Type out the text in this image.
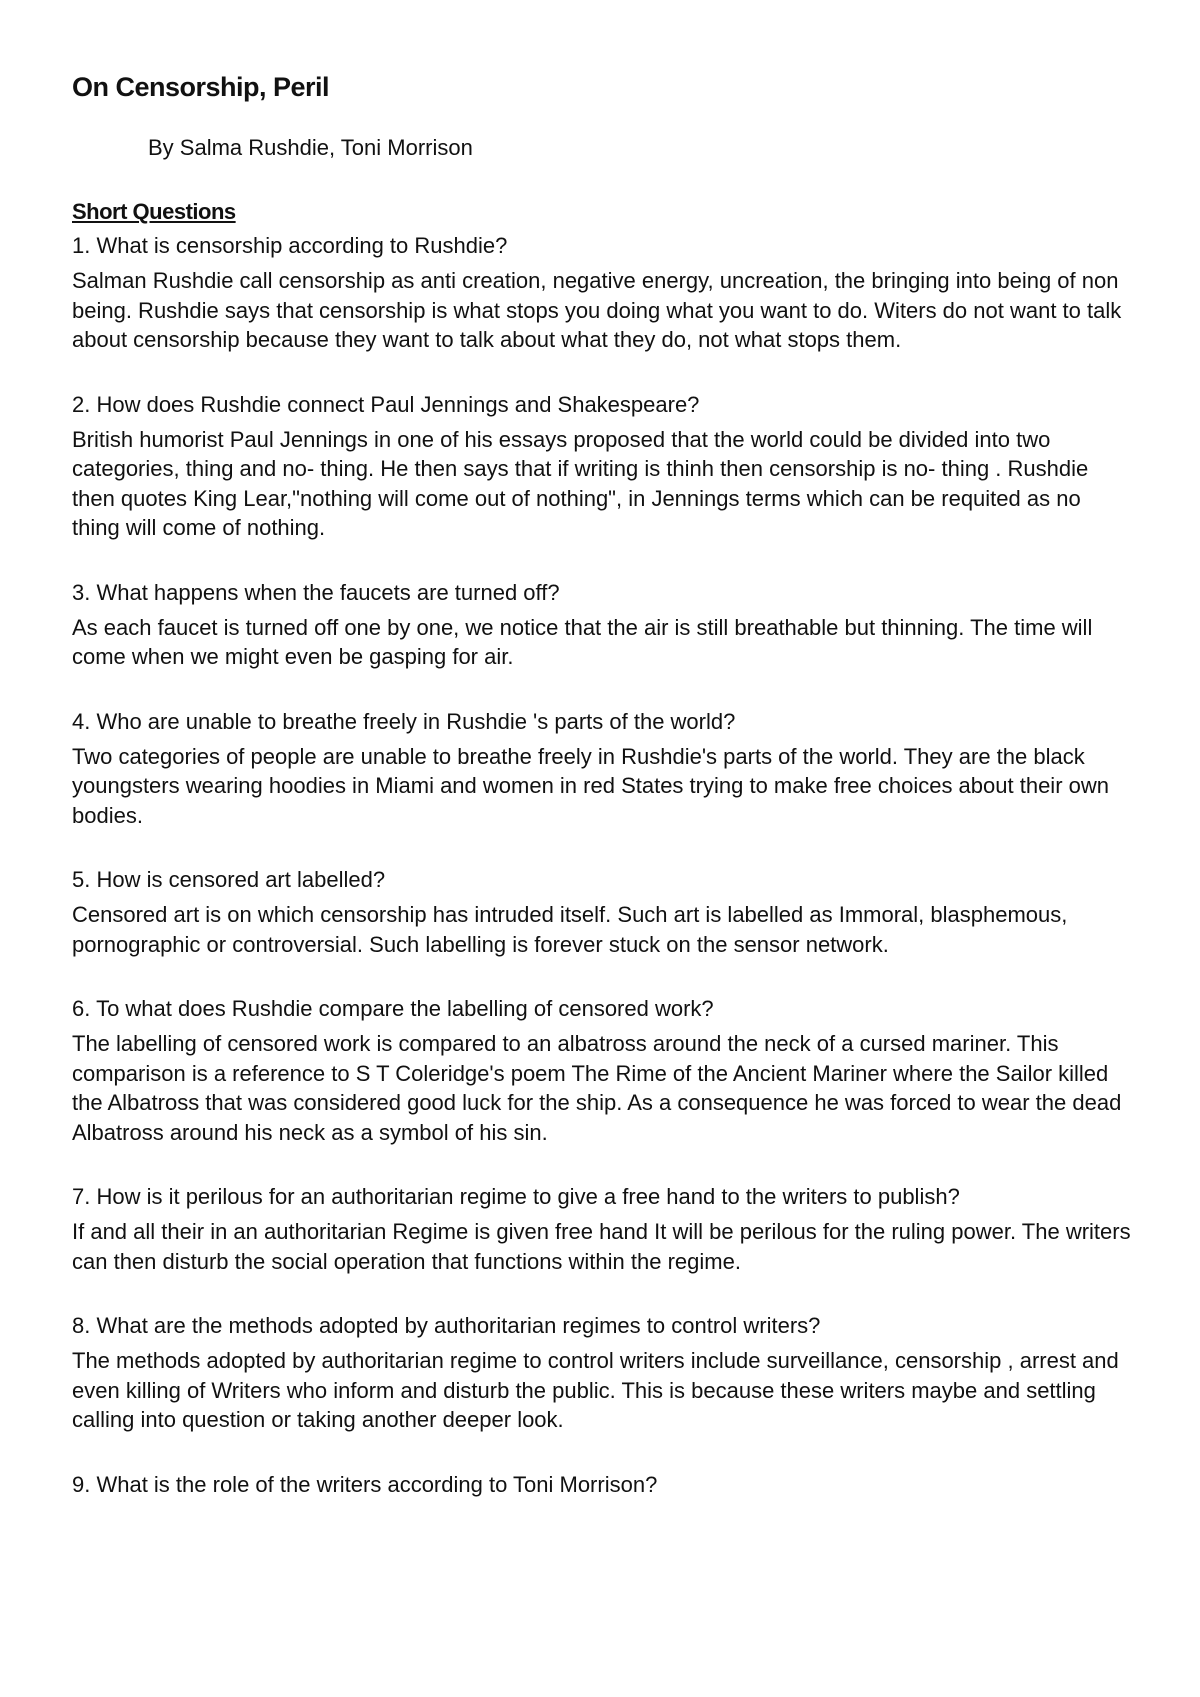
On Censorship, Peril
By Salma Rushdie, Toni Morrison
Short Questions

1. What is censorship according to Rushdie?

Salman Rushdie call censorship as anti creation, negative energy, uncreation, the bringing into being of non being. Rushdie says that censorship is what stops you doing what you want to do. Witers do not want to talk about censorship because they want to talk about what they do, not what stops them.

2. How does Rushdie connect Paul Jennings and Shakespeare?

British humorist Paul Jennings in one of his essays proposed that the world could be divided into two categories, thing and no- thing. He then says that if writing is thinh then censorship is no- thing . Rushdie then quotes King Lear,"nothing will come out of nothing", in Jennings terms which can be requited as no thing will come of nothing.

3. What happens when the faucets are turned off?

As each faucet is turned off one by one, we notice that the air is still breathable but thinning. The time will come when we might even be gasping for air.

4. Who are unable to breathe freely in Rushdie 's parts of the world?

Two categories of people are unable to breathe freely in Rushdie's parts of the world. They are the black youngsters wearing hoodies in Miami and women in red States trying to make free choices about their own bodies.

5. How is censored art labelled?

Censored art is on which censorship has intruded itself. Such art is labelled as Immoral, blasphemous, pornographic or controversial. Such labelling is forever stuck on the sensor network.

6. To what does Rushdie compare the labelling of censored work?

The labelling of censored work is compared to an albatross around the neck of a cursed mariner. This comparison is a reference to S T Coleridge's poem The Rime of the Ancient Mariner where the Sailor killed the Albatross that was considered good luck for the ship. As a consequence he was forced to wear the dead Albatross around his neck as a symbol of his sin.

7. How is it perilous for an authoritarian regime to give a free hand to the writers to publish?

If and all their in an authoritarian Regime is given free hand It will be perilous for the ruling power. The writers can then disturb the social operation that functions within the regime.

8. What are the methods adopted by authoritarian regimes to control writers?

The methods adopted by authoritarian regime to control writers include surveillance, censorship , arrest and even killing of Writers who inform and disturb the public. This is because these writers maybe and settling calling into question or taking another deeper look.

9. What is the role of the writers according to Toni Morrison?
